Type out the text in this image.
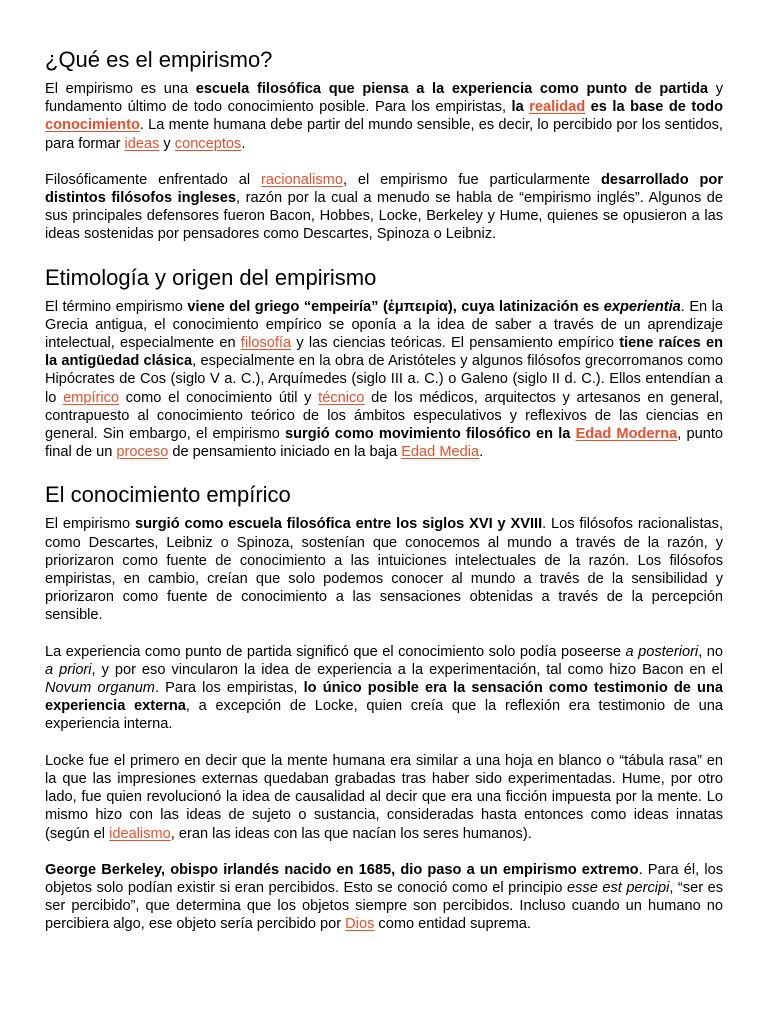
¿Qué es el empirismo?

El empirismo es una escuela filosófica que piensa a la experiencia como punto de partida y fundamento último de todo conocimiento posible. Para los empiristas, la realidad es la base de todo conocimiento. La mente humana debe partir del mundo sensible, es decir, lo percibido por los sentidos, para formar ideas y conceptos.

Filosóficamente enfrentado al racionalismo, el empirismo fue particularmente desarrollado por distintos filósofos ingleses, razón por la cual a menudo se habla de “empirismo inglés”. Algunos de sus principales defensores fueron Bacon, Hobbes, Locke, Berkeley y Hume, quienes se opusieron a las ideas sostenidas por pensadores como Descartes, Spinoza o Leibniz.

Etimología y origen del empirismo

El término empirismo viene del griego “empeiría” (ἐμπειρία), cuya latinización es experientia. En la Grecia antigua, el conocimiento empírico se oponía a la idea de saber a través de un aprendizaje intelectual, especialmente en filosofía y las ciencias teóricas. El pensamiento empírico tiene raíces en la antigüedad clásica, especialmente en la obra de Aristóteles y algunos filósofos grecorromanos como Hipócrates de Cos (siglo V a. C.), Arquímedes (siglo III a. C.) o Galeno (siglo II d. C.). Ellos entendían a lo empírico como el conocimiento útil y técnico de los médicos, arquitectos y artesanos en general, contrapuesto al conocimiento teórico de los ámbitos especulativos y reflexivos de las ciencias en general. Sin embargo, el empirismo surgió como movimiento filosófico en la Edad Moderna, punto final de un proceso de pensamiento iniciado en la baja Edad Media.

El conocimiento empírico

El empirismo surgió como escuela filosófica entre los siglos XVI y XVIII. Los filósofos racionalistas, como Descartes, Leibniz o Spinoza, sostenían que conocemos al mundo a través de la razón, y priorizaron como fuente de conocimiento a las intuiciones intelectuales de la razón. Los filósofos empiristas, en cambio, creían que solo podemos conocer al mundo a través de la sensibilidad y priorizaron como fuente de conocimiento a las sensaciones obtenidas a través de la percepción sensible.

La experiencia como punto de partida significó que el conocimiento solo podía poseerse a posteriori, no a priori, y por eso vincularon la idea de experiencia a la experimentación, tal como hizo Bacon en el Novum organum. Para los empiristas, lo único posible era la sensación como testimonio de una experiencia externa, a excepción de Locke, quien creía que la reflexión era testimonio de una experiencia interna.

Locke fue el primero en decir que la mente humana era similar a una hoja en blanco o “tábula rasa” en la que las impresiones externas quedaban grabadas tras haber sido experimentadas. Hume, por otro lado, fue quien revolucionó la idea de causalidad al decir que era una ficción impuesta por la mente. Lo mismo hizo con las ideas de sujeto o sustancia, consideradas hasta entonces como ideas innatas (según el idealismo, eran las ideas con las que nacían los seres humanos).

George Berkeley, obispo irlandés nacido en 1685, dio paso a un empirismo extremo. Para él, los objetos solo podían existir si eran percibidos. Esto se conoció como el principio esse est percipi, “ser es ser percibido”, que determina que los objetos siempre son percibidos. Incluso cuando un humano no percibiera algo, ese objeto sería percibido por Dios como entidad suprema.
